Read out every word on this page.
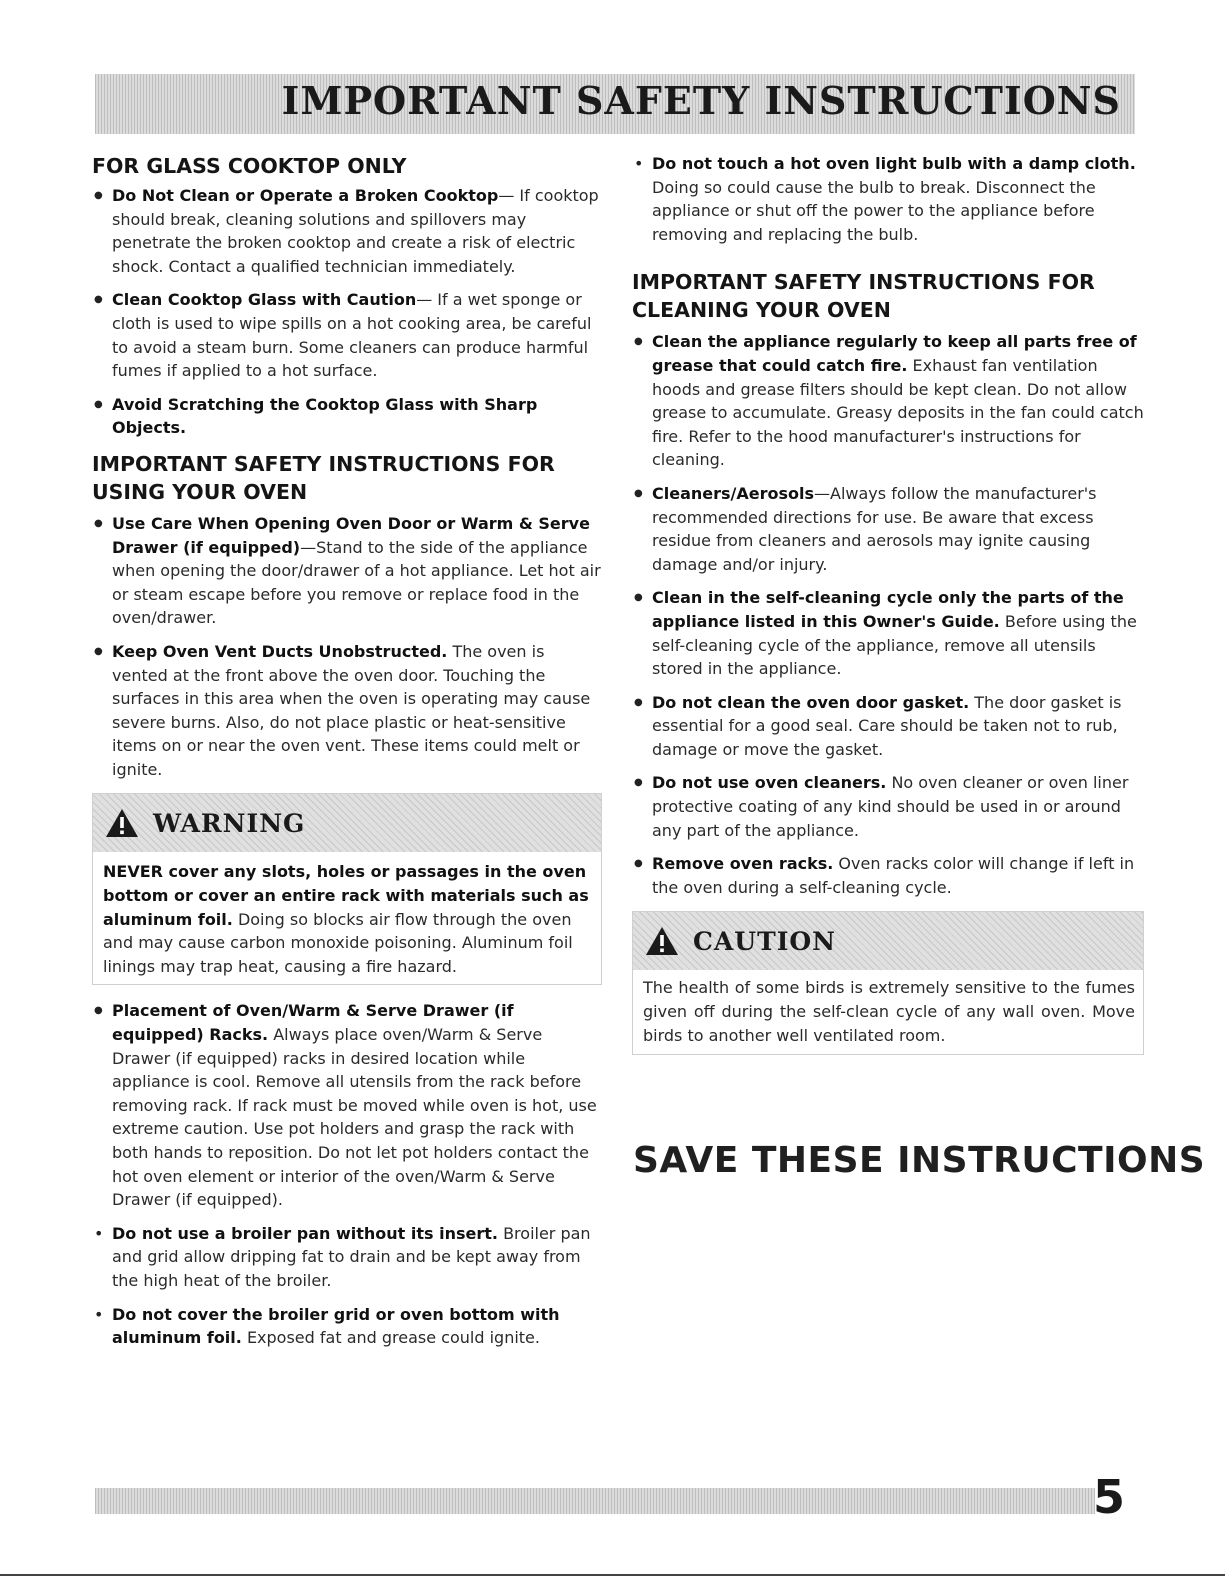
IMPORTANT SAFETY INSTRUCTIONS
FOR GLASS COOKTOP ONLY
● Do Not Clean or Operate a Broken Cooktop— If cooktop should break, cleaning solutions and spillovers may penetrate the broken cooktop and create a risk of electric shock. Contact a qualified technician immediately.
● Clean Cooktop Glass with Caution— If a wet sponge or cloth is used to wipe spills on a hot cooking area, be careful to avoid a steam burn. Some cleaners can produce harmful fumes if applied to a hot surface.
● Avoid Scratching the Cooktop Glass with Sharp Objects.
IMPORTANT SAFETY INSTRUCTIONS FOR USING YOUR OVEN
● Use Care When Opening Oven Door or Warm & Serve Drawer (if equipped)—Stand to the side of the appliance when opening the door/drawer of a hot appliance. Let hot air or steam escape before you remove or replace food in the oven/drawer.
● Keep Oven Vent Ducts Unobstructed. The oven is vented at the front above the oven door. Touching the surfaces in this area when the oven is operating may cause severe burns. Also, do not place plastic or heat-sensitive items on or near the oven vent. These items could melt or ignite.
WARNING
NEVER cover any slots, holes or passages in the oven bottom or cover an entire rack with materials such as aluminum foil. Doing so blocks air flow through the oven and may cause carbon monoxide poisoning. Aluminum foil linings may trap heat, causing a fire hazard.
● Placement of Oven/Warm & Serve Drawer (if equipped) Racks. Always place oven/Warm & Serve Drawer (if equipped) racks in desired location while appliance is cool. Remove all utensils from the rack before removing rack. If rack must be moved while oven is hot, use extreme caution. Use pot holders and grasp the rack with both hands to reposition. Do not let pot holders contact the hot oven element or interior of the oven/Warm & Serve Drawer (if equipped).
• Do not use a broiler pan without its insert. Broiler pan and grid allow dripping fat to drain and be kept away from the high heat of the broiler.
• Do not cover the broiler grid or oven bottom with aluminum foil. Exposed fat and grease could ignite.
• Do not touch a hot oven light bulb with a damp cloth. Doing so could cause the bulb to break. Disconnect the appliance or shut off the power to the appliance before removing and replacing the bulb.
IMPORTANT SAFETY INSTRUCTIONS FOR CLEANING YOUR OVEN
● Clean the appliance regularly to keep all parts free of grease that could catch fire. Exhaust fan ventilation hoods and grease filters should be kept clean. Do not allow grease to accumulate. Greasy deposits in the fan could catch fire. Refer to the hood manufacturer's instructions for cleaning.
● Cleaners/Aerosols—Always follow the manufacturer's recommended directions for use. Be aware that excess residue from cleaners and aerosols may ignite causing damage and/or injury.
● Clean in the self-cleaning cycle only the parts of the appliance listed in this Owner's Guide. Before using the self-cleaning cycle of the appliance, remove all utensils stored in the appliance.
● Do not clean the oven door gasket. The door gasket is essential for a good seal. Care should be taken not to rub, damage or move the gasket.
● Do not use oven cleaners. No oven cleaner or oven liner protective coating of any kind should be used in or around any part of the appliance.
● Remove oven racks. Oven racks color will change if left in the oven during a self-cleaning cycle.
CAUTION
The health of some birds is extremely sensitive to the fumes given off during the self-clean cycle of any wall oven. Move birds to another well ventilated room.
SAVE THESE INSTRUCTIONS
5
